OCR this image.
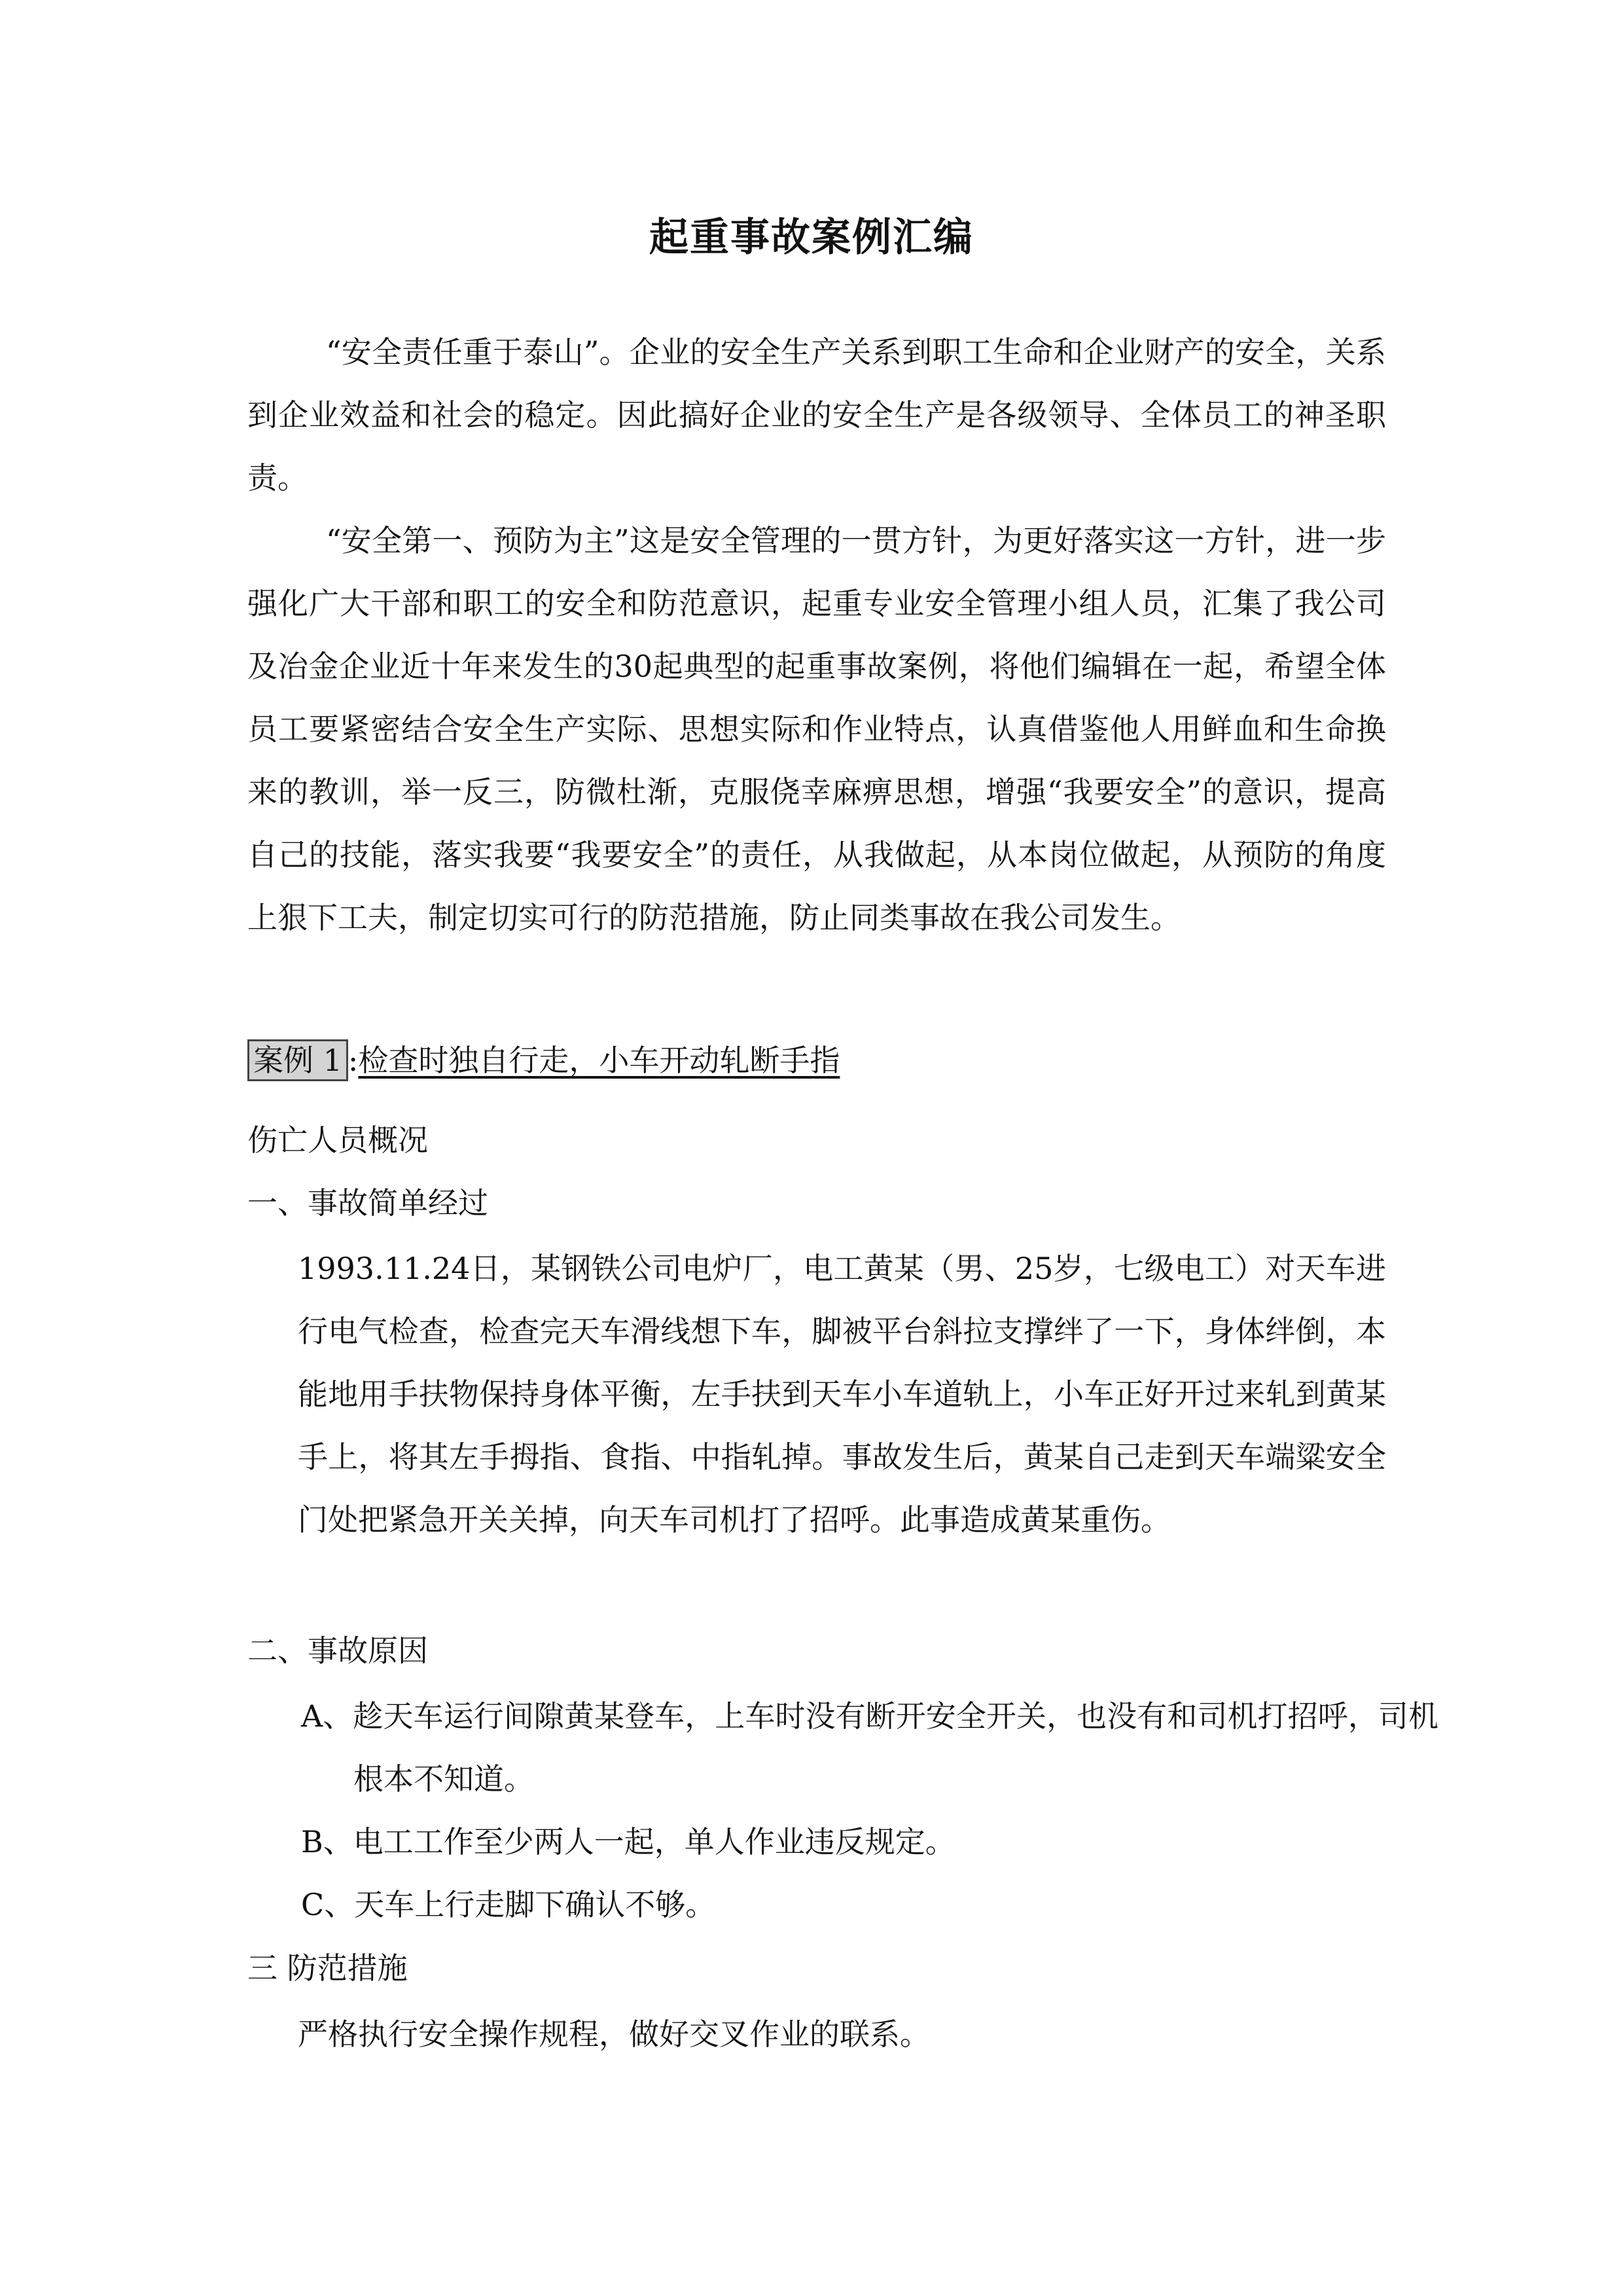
起重事故案例汇编

“安全责任重于泰山”。企业的安全生产关系到职工生命和企业财产的安全，关系到企业效益和社会的稳定。因此搞好企业的安全生产是各级领导、全体员工的神圣职责。

“安全第一、预防为主”这是安全管理的一贯方针，为更好落实这一方针，进一步强化广大干部和职工的安全和防范意识，起重专业安全管理小组人员，汇集了我公司及冶金企业近十年来发生的30起典型的起重事故案例，将他们编辑在一起，希望全体员工要紧密结合安全生产实际、思想实际和作业特点，认真借鉴他人用鲜血和生命换来的教训，举一反三，防微杜渐，克服侥幸麻痹思想，增强“我要安全”的意识，提高自己的技能，落实我要“我要安全”的责任，从我做起，从本岗位做起，从预防的角度上狠下工夫，制定切实可行的防范措施，防止同类事故在我公司发生。

案例 1 :检查时独自行走，小车开动轧断手指
伤亡人员概况
一、事故简单经过

1993.11.24日，某钢铁公司电炉厂，电工黄某（男、25岁，七级电工）对天车进行电气检查，检查完天车滑线想下车，脚被平台斜拉支撑绊了一下，身体绊倒，本能地用手扶物保持身体平衡，左手扶到天车小车道轨上，小车正好开过来轧到黄某手上，将其左手拇指、食指、中指轧掉。事故发生后，黄某自己走到天车端粱安全门处把紧急开关关掉，向天车司机打了招呼。此事造成黄某重伤。

二、事故原因

A、趁天车运行间隙黄某登车，上车时没有断开安全开关，也没有和司机打招呼，司机根本不知道。

B、电工工作至少两人一起，单人作业违反规定。

C、天车上行走脚下确认不够。

三 防范措施

严格执行安全操作规程，做好交叉作业的联系。
